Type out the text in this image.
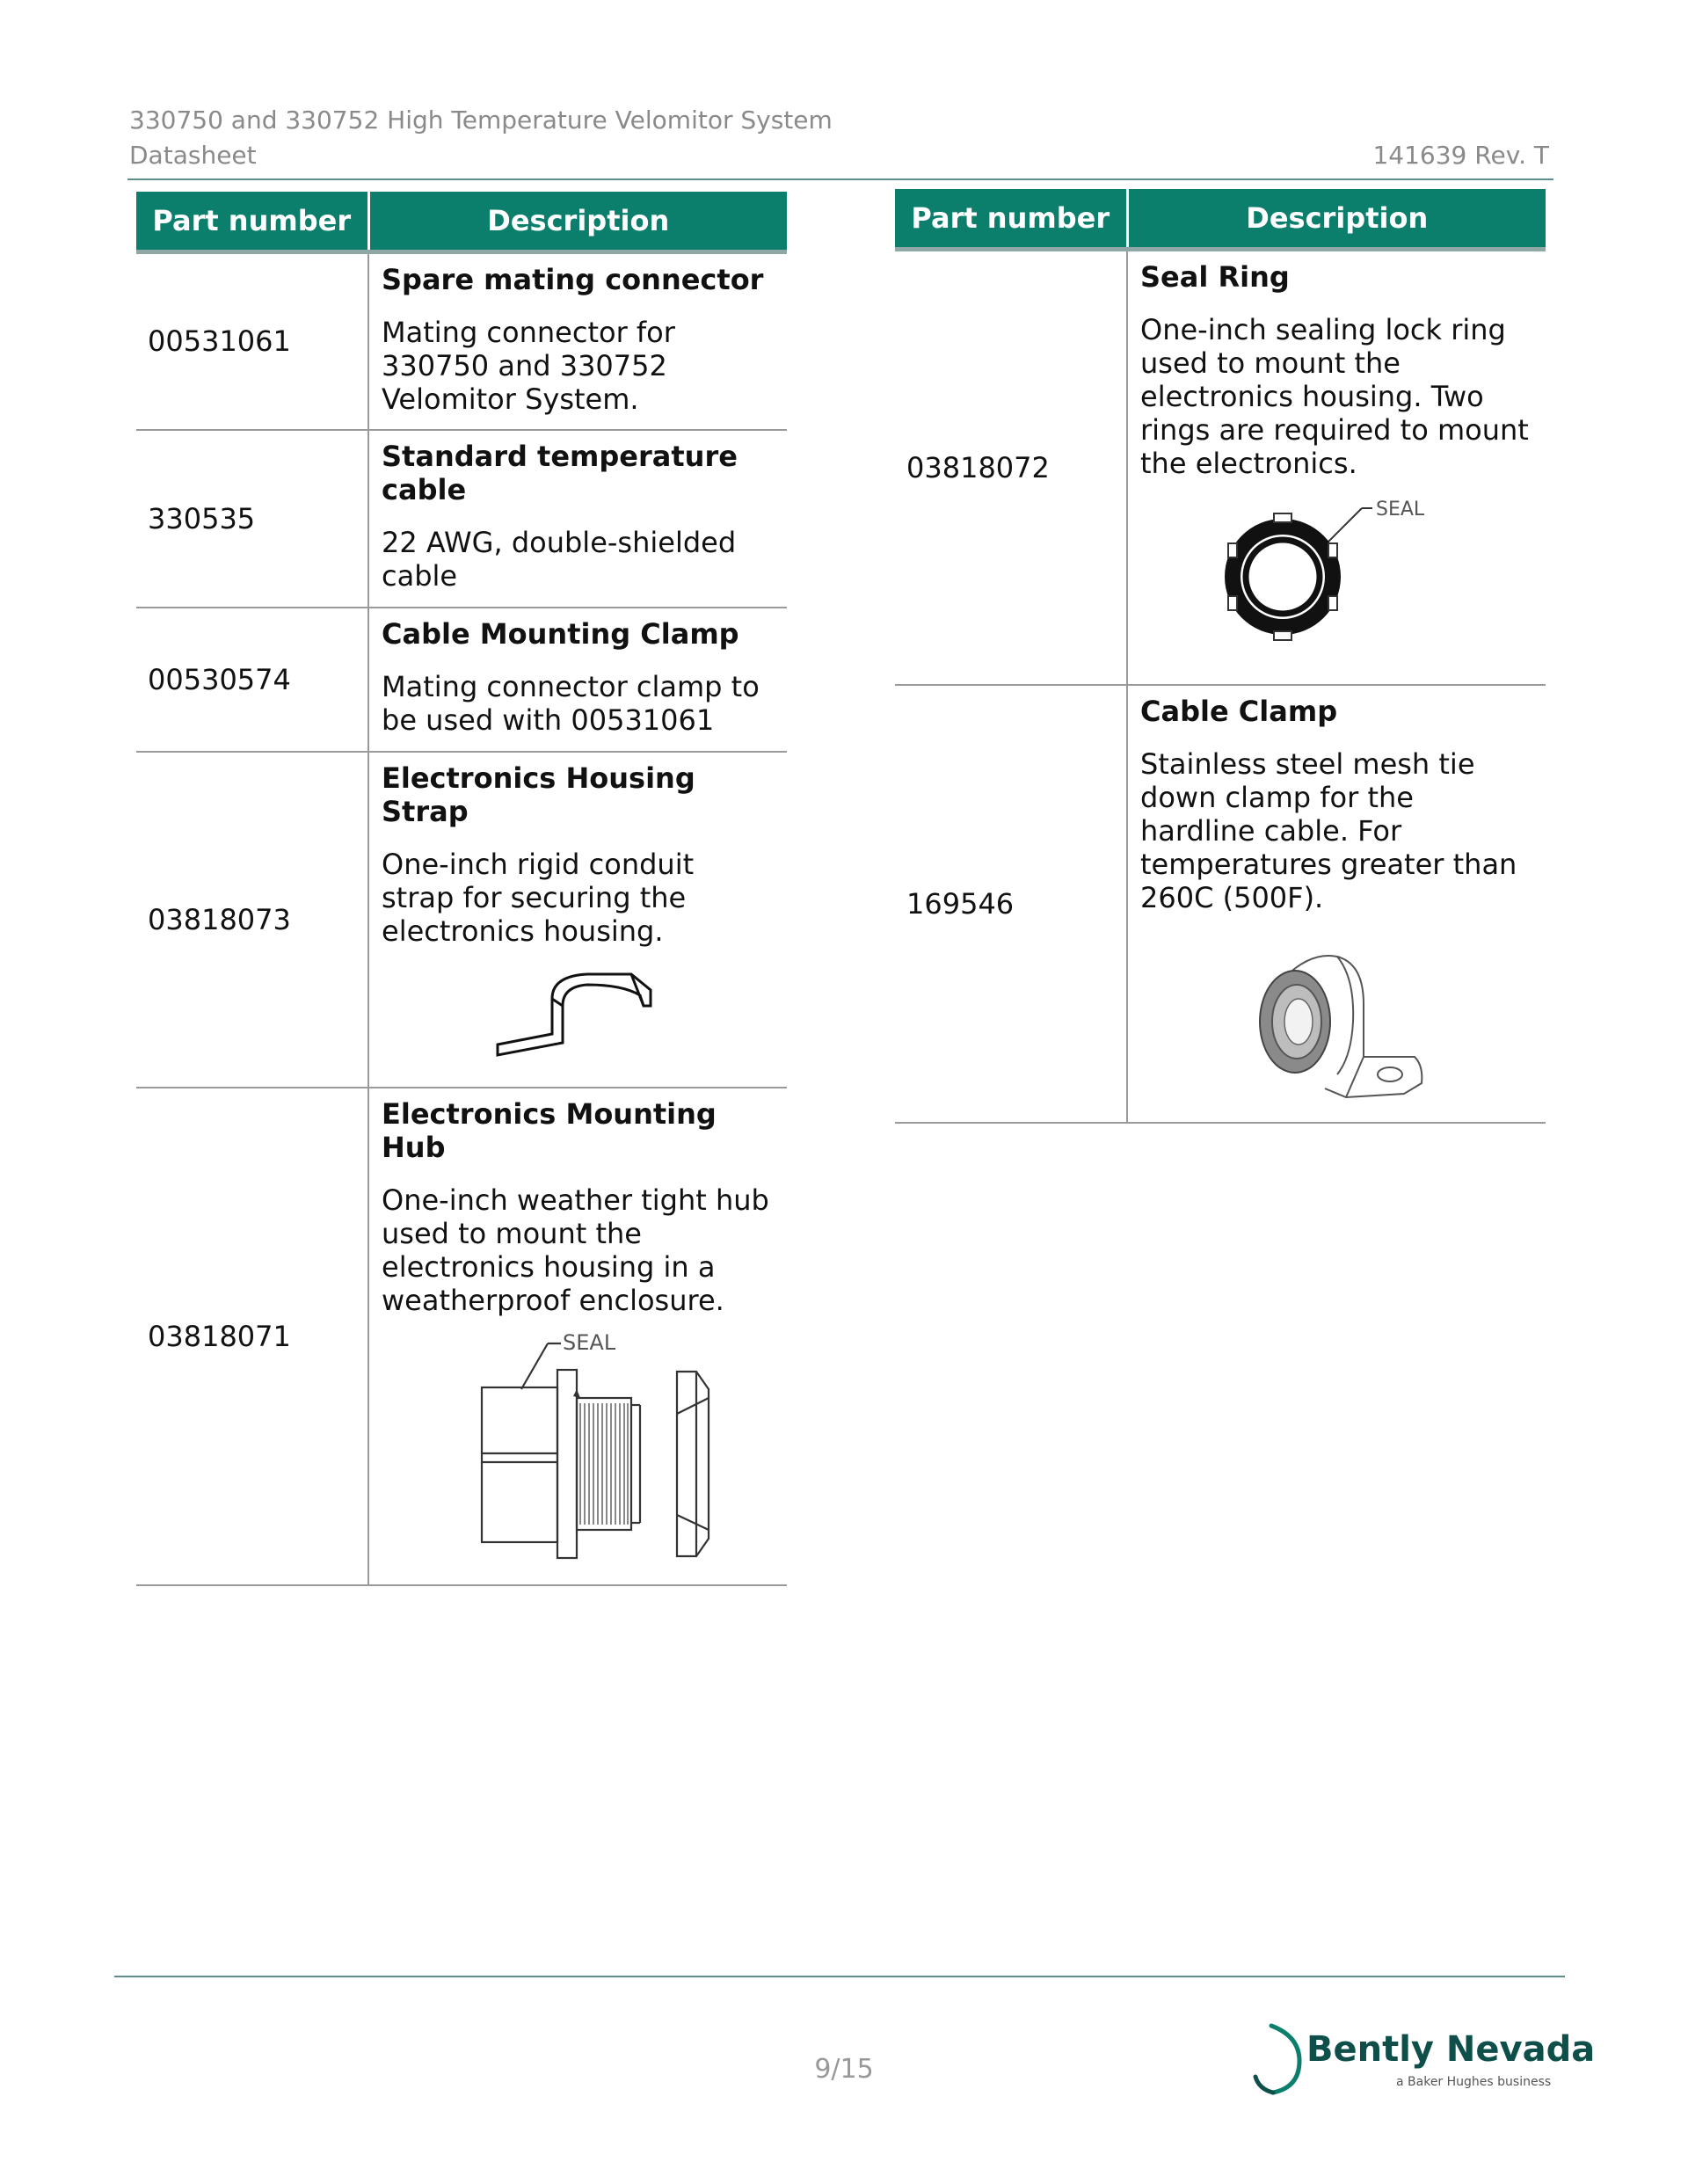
330750 and 330752 High Temperature Velomitor System
Datasheet	141639 Rev. T
Part number	Description
00531061	Spare mating connector

Mating connector for 330750 and 330752 Velomitor System.

330535	Standard temperature cable

22 AWG, double-shielded cable

00530574	Cable Mounting Clamp

Mating connector clamp to be used with 00531061

03818073	Electronics Housing Strap

One-inch rigid conduit strap for securing the electronics housing.

03818071	Electronics Mounting Hub

One-inch weather tight hub used to mount the electronics housing in a weatherproof enclosure.

SEAL
Part number	Description
03818072	Seal Ring

One-inch sealing lock ring used to mount the electronics housing. Two rings are required to mount the electronics.

SEAL

169546	Cable Clamp

Stainless steel mesh tie down clamp for the hardline cable. For temperatures greater than 260C (500F).

9/15	Bently Nevada
a Baker Hughes business
